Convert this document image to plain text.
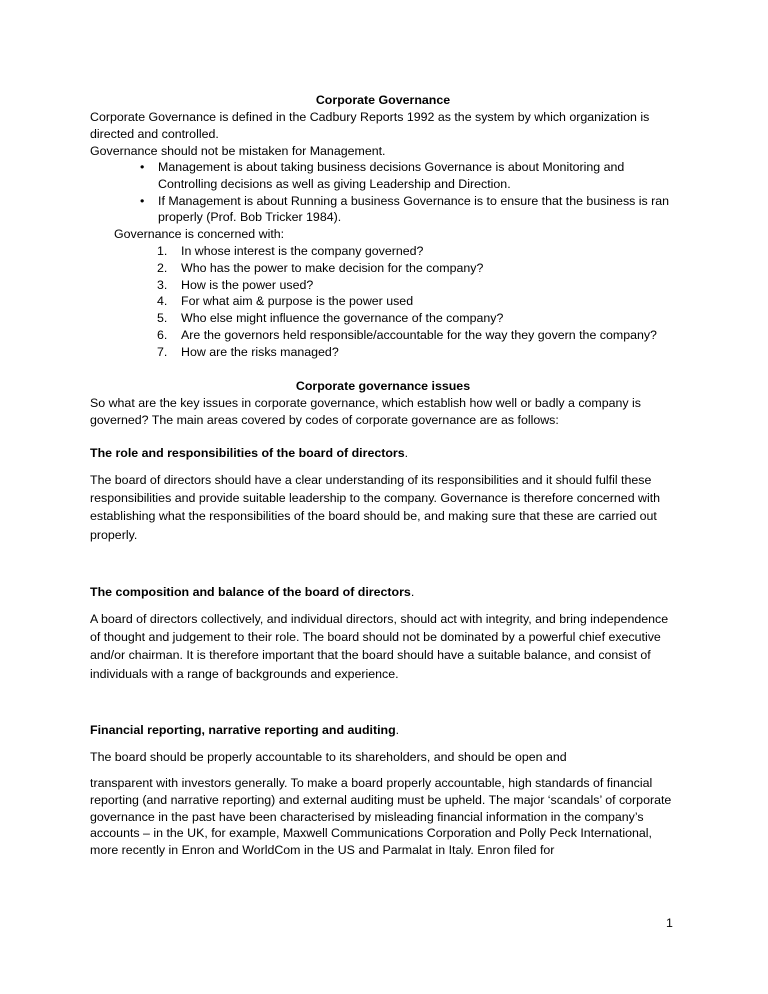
Corporate Governance
Corporate Governance is defined in the Cadbury Reports 1992 as the system by which organization is directed and controlled.
Governance should not be mistaken for Management.
•	Management is about taking business decisions Governance is about Monitoring and Controlling decisions as well as giving Leadership and Direction.
•	If Management is about Running a business Governance is to ensure that the business is ran properly (Prof. Bob Tricker 1984).
Governance is concerned with:
1. In whose interest is the company governed?
2. Who has the power to make decision for the company?
3. How is the power used?
4. For what aim & purpose is the power used
5. Who else might influence the governance of the company?
6. Are the governors held responsible/accountable for the way they govern the company?
7. How are the risks managed?
Corporate governance issues
So what are the key issues in corporate governance, which establish how well or badly a company is governed? The main areas covered by codes of corporate governance are as follows:
The role and responsibilities of the board of directors.
The board of directors should have a clear understanding of its responsibilities and it should fulfil these responsibilities and provide suitable leadership to the company. Governance is therefore concerned with establishing what the responsibilities of the board should be, and making sure that these are carried out properly.
The composition and balance of the board of directors.
A board of directors collectively, and individual directors, should act with integrity, and bring independence of thought and judgement to their role. The board should not be dominated by a powerful chief executive and/or chairman. It is therefore important that the board should have a suitable balance, and consist of individuals with a range of backgrounds and experience.
Financial reporting, narrative reporting and auditing.
The board should be properly accountable to its shareholders, and should be open and
transparent with investors generally. To make a board properly accountable, high standards of financial reporting (and narrative reporting) and external auditing must be upheld. The major ‘scandals’ of corporate governance in the past have been characterised by misleading financial information in the company’s accounts – in the UK, for example, Maxwell Communications Corporation and Polly Peck International, more recently in Enron and WorldCom in the US and Parmalat in Italy. Enron filed for
1
